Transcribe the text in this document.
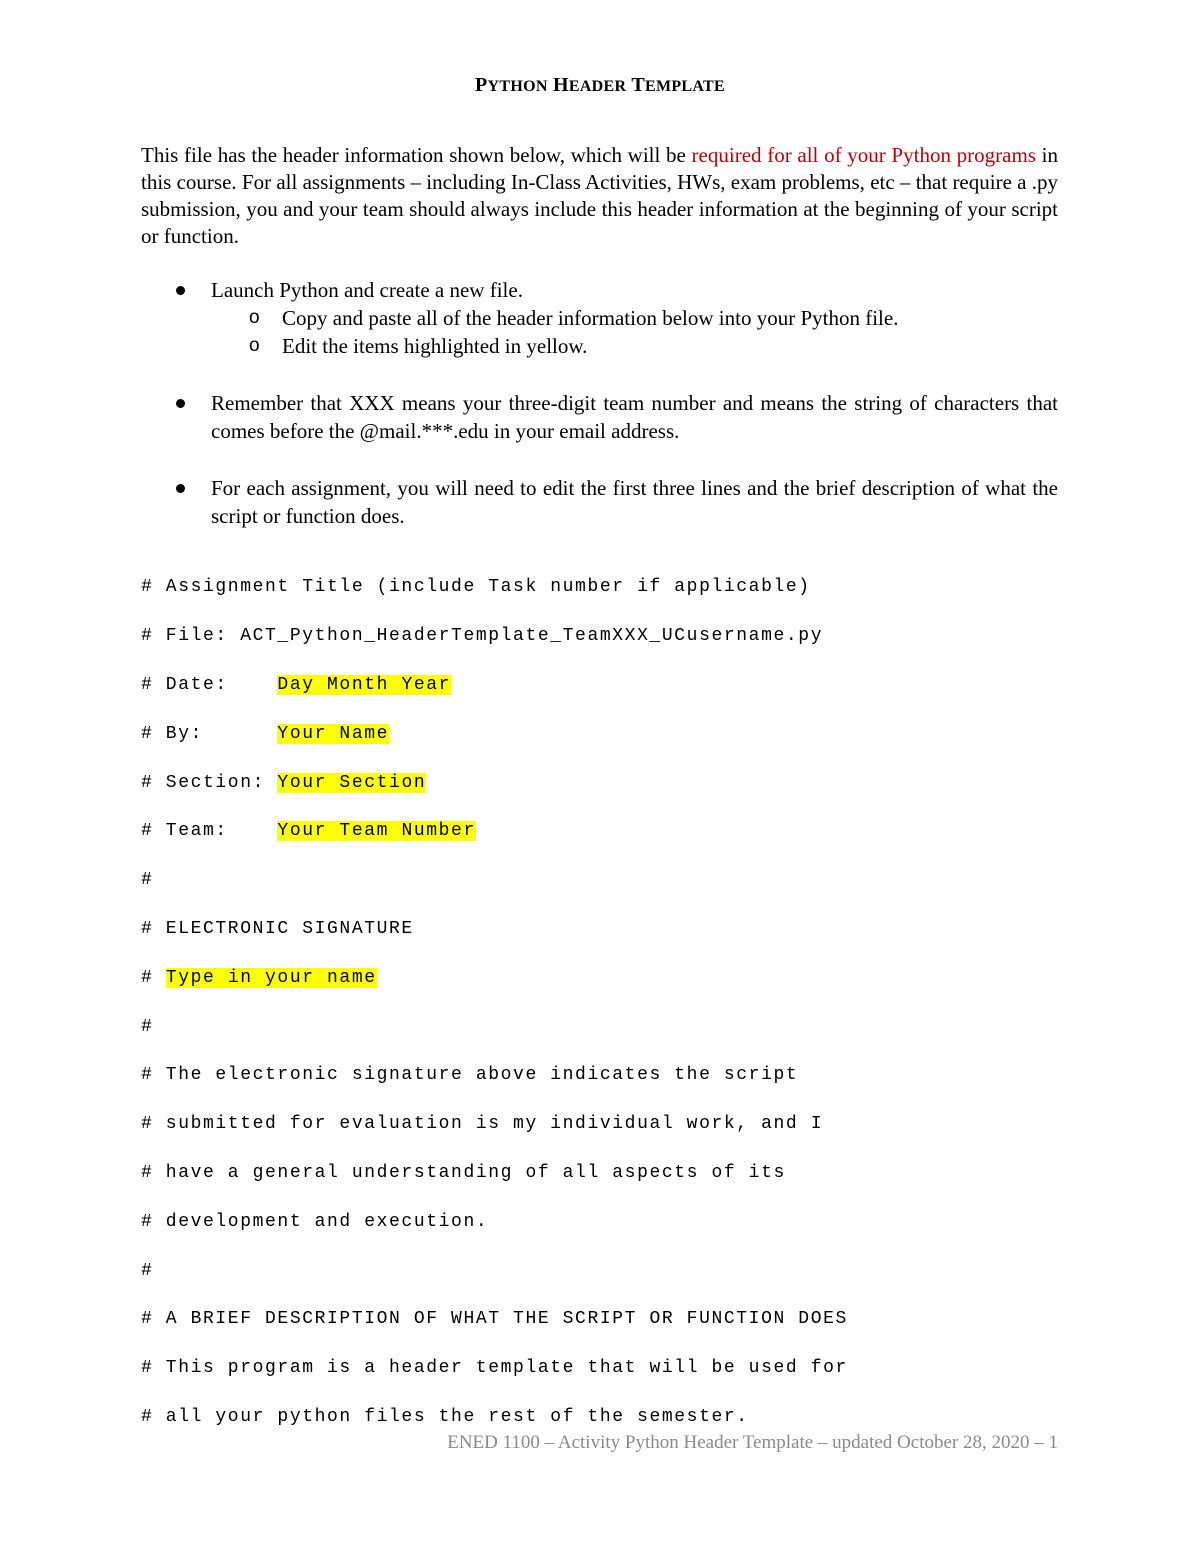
PYTHON HEADER TEMPLATE
This file has the header information shown below, which will be required for all of your Python programs in this course. For all assignments – including In-Class Activities, HWs, exam problems, etc – that require a .py submission, you and your team should always include this header information at the beginning of your script or function.
Launch Python and create a new file.
o Copy and paste all of the header information below into your Python file.
o Edit the items highlighted in yellow.
Remember that XXX means your three-digit team number and means the string of characters that comes before the @mail.***.edu in your email address.
For each assignment, you will need to edit the first three lines and the brief description of what the script or function does.

# Assignment Title (include Task number if applicable)

# File: ACT_Python_HeaderTemplate_TeamXXX_UCusername.py

# Date:    Day Month Year

# By:      Your Name

# Section: Your Section

# Team:    Your Team Number

#

# ELECTRONIC SIGNATURE

# Type in your name

#

# The electronic signature above indicates the script

# submitted for evaluation is my individual work, and I

# have a general understanding of all aspects of its

# development and execution.

#

# A BRIEF DESCRIPTION OF WHAT THE SCRIPT OR FUNCTION DOES

# This program is a header template that will be used for

# all your python files the rest of the semester.

ENED 1100 – Activity Python Header Template – updated October 28, 2020 – 1
